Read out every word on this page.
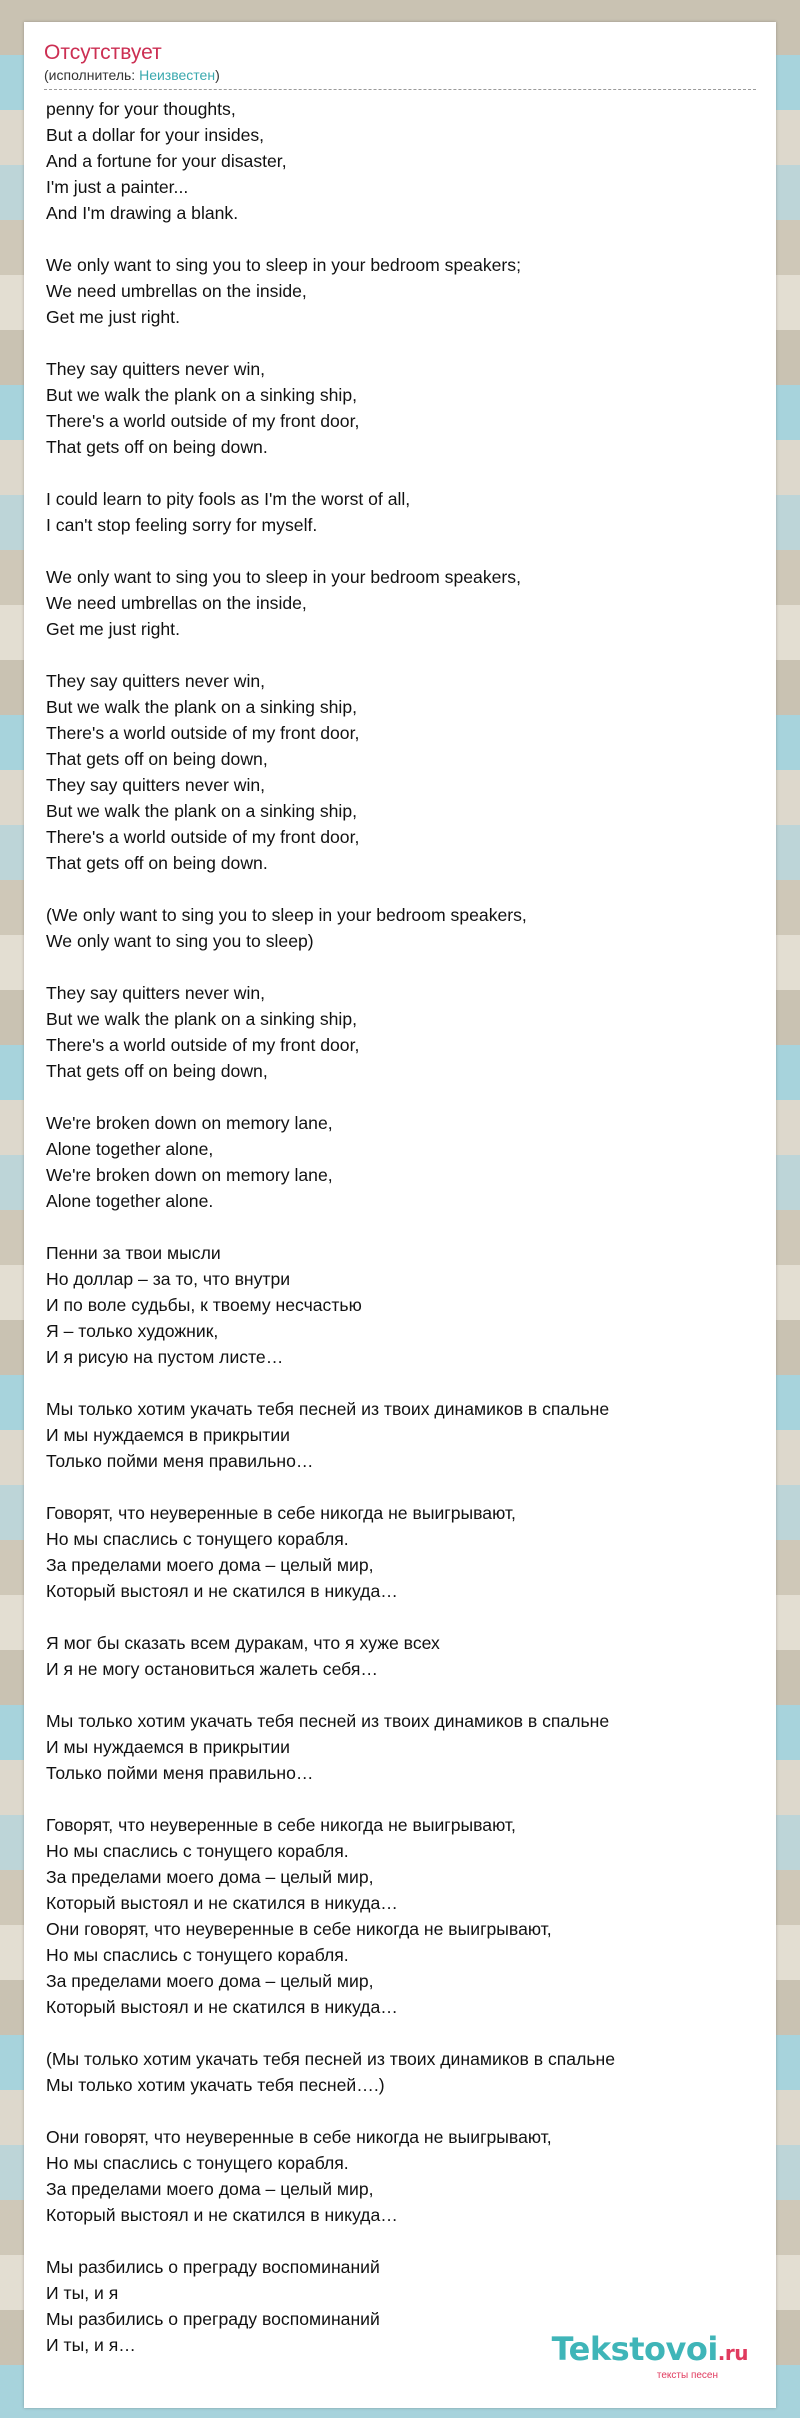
Отсутствует
(исполнитель: Неизвестен)
penny for your thoughts,
But a dollar for your insides,
And a fortune for your disaster,
I'm just a painter...
And I'm drawing a blank.
We only want to sing you to sleep in your bedroom speakers;
We need umbrellas on the inside,
Get me just right.
They say quitters never win,
But we walk the plank on a sinking ship,
There's a world outside of my front door,
That gets off on being down.
I could learn to pity fools as I'm the worst of all,
I can't stop feeling sorry for myself.
We only want to sing you to sleep in your bedroom speakers,
We need umbrellas on the inside,
Get me just right.
They say quitters never win,
But we walk the plank on a sinking ship,
There's a world outside of my front door,
That gets off on being down,
They say quitters never win,
But we walk the plank on a sinking ship,
There's a world outside of my front door,
That gets off on being down.
(We only want to sing you to sleep in your bedroom speakers,
We only want to sing you to sleep)
They say quitters never win,
But we walk the plank on a sinking ship,
There's a world outside of my front door,
That gets off on being down,
We're broken down on memory lane,
Alone together alone,
We're broken down on memory lane,
Alone together alone.
Пенни за твои мысли
Но доллар – за то, что внутри
И по воле судьбы, к твоему несчастью
Я – только художник,
И я рисую на пустом листе…
Мы только хотим укачать тебя песней из твоих динамиков в спальне
И мы нуждаемся в прикрытии
Только пойми меня правильно…
Говорят, что неуверенные в себе никогда не выигрывают,
Но мы спаслись с тонущего корабля.
За пределами моего дома – целый мир,
Который выстоял и не скатился в никуда…
Я мог бы сказать всем дуракам, что я хуже всех
И я не могу остановиться жалеть себя…
Мы только хотим укачать тебя песней из твоих динамиков в спальне
И мы нуждаемся в прикрытии
Только пойми меня правильно…
Говорят, что неуверенные в себе никогда не выигрывают,
Но мы спаслись с тонущего корабля.
За пределами моего дома – целый мир,
Который выстоял и не скатился в никуда…
Они говорят, что неуверенные в себе никогда не выигрывают,
Но мы спаслись с тонущего корабля.
За пределами моего дома – целый мир,
Который выстоял и не скатился в никуда…
(Мы только хотим укачать тебя песней из твоих динамиков в спальне
Мы только хотим укачать тебя песней….)
Они говорят, что неуверенные в себе никогда не выигрывают,
Но мы спаслись с тонущего корабля.
За пределами моего дома – целый мир,
Который выстоял и не скатился в никуда…
Мы разбились о преграду воспоминаний
И ты, и я
Мы разбились о преграду воспоминаний
И ты, и я…	Tekstovoi.ru
тексты песен
